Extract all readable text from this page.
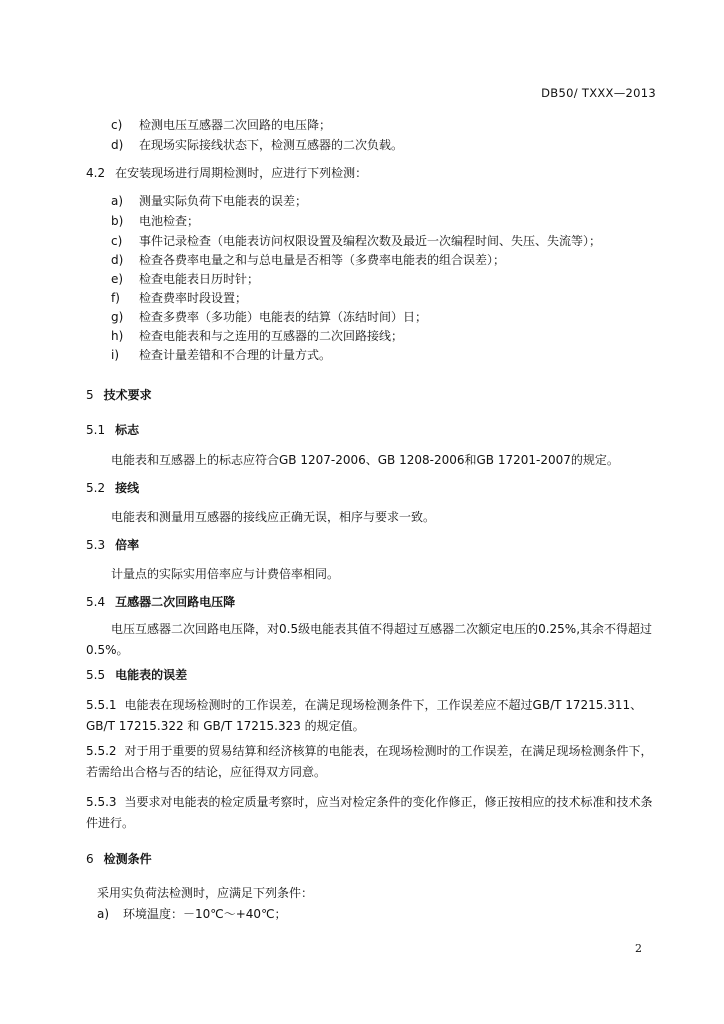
DB50/ TXXX—2013
c) 检测电压互感器二次回路的电压降；
d) 在现场实际接线状态下，检测互感器的二次负载。
4.2 在安装现场进行周期检测时，应进行下列检测：
a) 测量实际负荷下电能表的误差；
b) 电池检查；
c) 事件记录检查（电能表访问权限设置及编程次数及最近一次编程时间、失压、失流等）；
d) 检查各费率电量之和与总电量是否相等（多费率电能表的组合误差）；
e) 检查电能表日历时针；
f) 检查费率时段设置；
g) 检查多费率（多功能）电能表的结算（冻结时间）日；
h) 检查电能表和与之连用的互感器的二次回路接线；
i) 检查计量差错和不合理的计量方式。
5 技术要求
5.1 标志
电能表和互感器上的标志应符合GB 1207-2006、GB 1208-2006和GB 17201-2007的规定。
5.2 接线
电能表和测量用互感器的接线应正确无误，相序与要求一致。
5.3 倍率
计量点的实际实用倍率应与计费倍率相同。
5.4 互感器二次回路电压降
电压互感器二次回路电压降，对0.5级电能表其值不得超过互感器二次额定电压的0.25%,其余不得超过0.5%。
5.5 电能表的误差
5.5.1 电能表在现场检测时的工作误差，在满足现场检测条件下，工作误差应不超过GB/T 17215.311、GB/T 17215.322 和 GB/T 17215.323 的规定值。
5.5.2 对于用于重要的贸易结算和经济核算的电能表，在现场检测时的工作误差，在满足现场检测条件下，若需给出合格与否的结论，应征得双方同意。
5.5.3 当要求对电能表的检定质量考察时，应当对检定条件的变化作修正，修正按相应的技术标准和技术条件进行。
6 检测条件
采用实负荷法检测时，应满足下列条件：
a) 环境温度：－10℃～+40℃；
2
